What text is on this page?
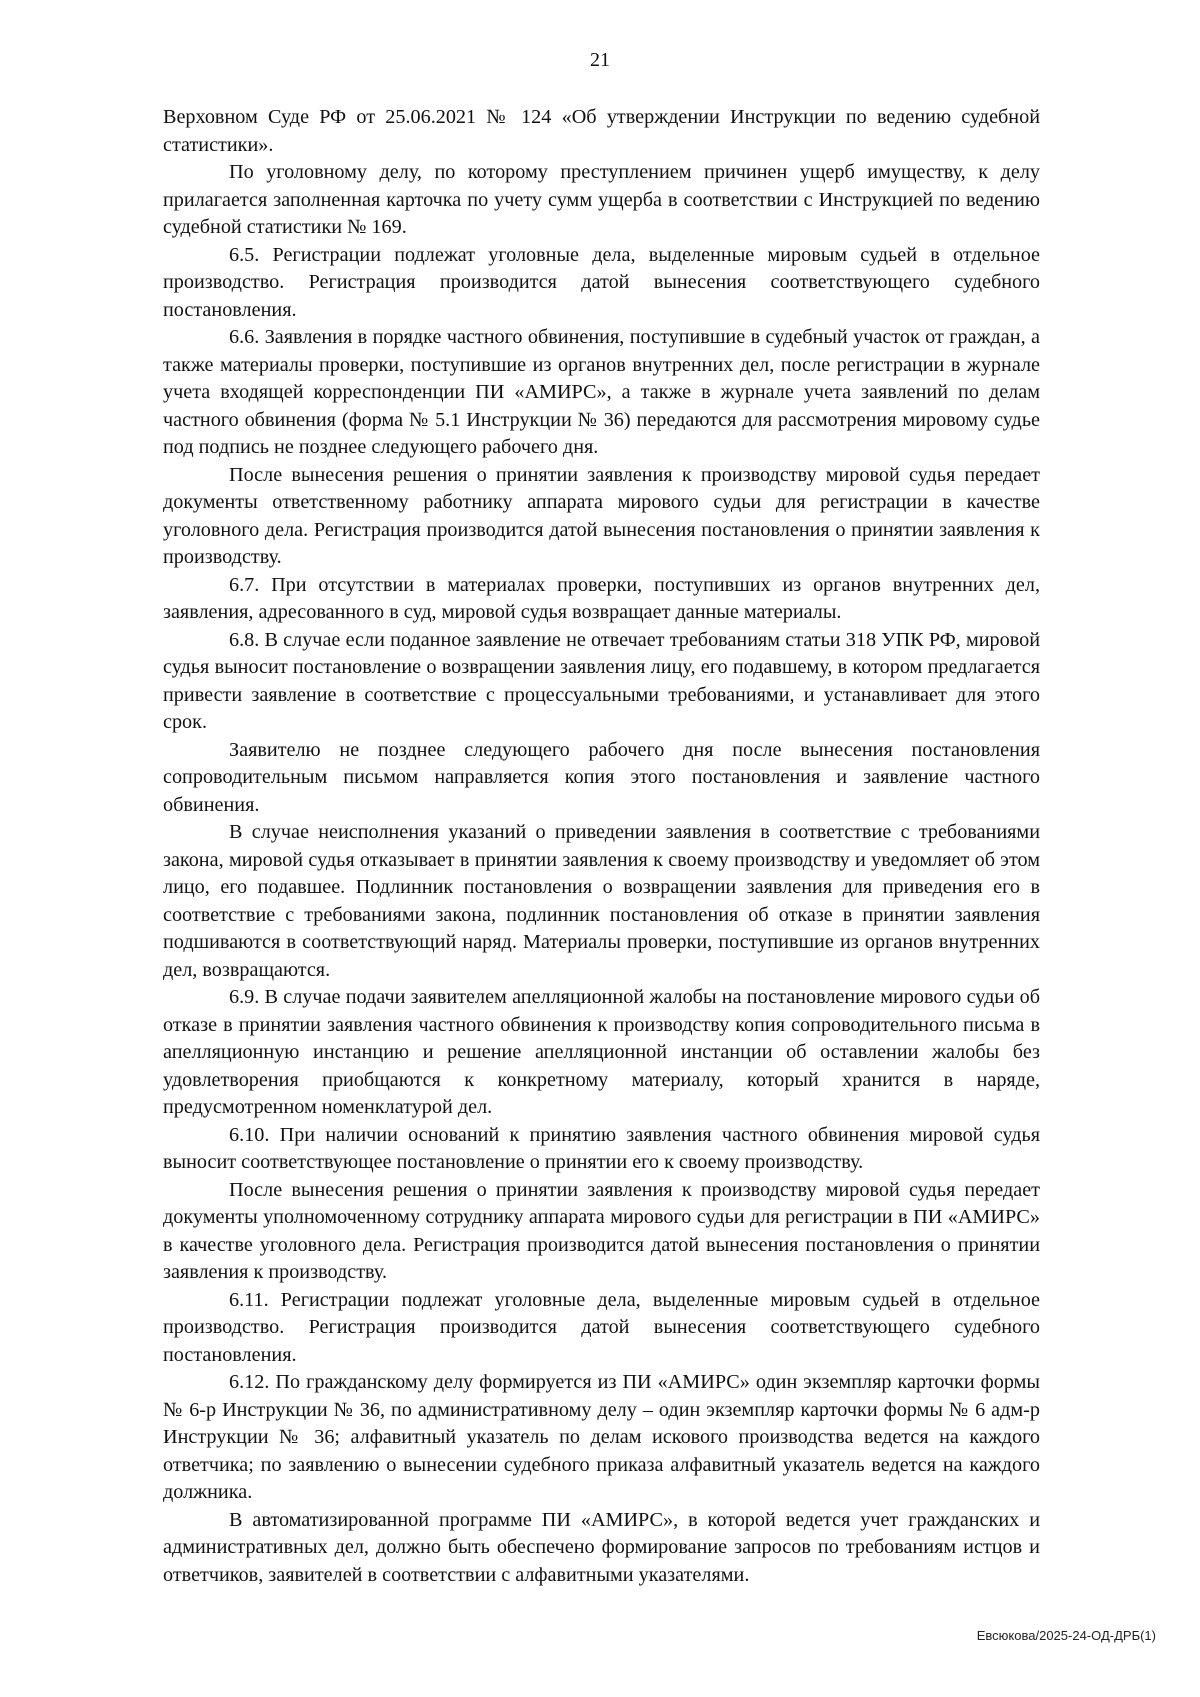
21

Верховном Суде РФ от 25.06.2021 № 124 «Об утверждении Инструкции по ведению судебной статистики».

По уголовному делу, по которому преступлением причинен ущерб имуществу, к делу прилагается заполненная карточка по учету сумм ущерба в соответствии с Инструкцией по ведению судебной статистики № 169.

6.5. Регистрации подлежат уголовные дела, выделенные мировым судьей в отдельное производство. Регистрация производится датой вынесения соответствующего судебного постановления.

6.6. Заявления в порядке частного обвинения, поступившие в судебный участок от граждан, а также материалы проверки, поступившие из органов внутренних дел, после регистрации в журнале учета входящей корреспонденции ПИ «АМИРС», а также в журнале учета заявлений по делам частного обвинения (форма № 5.1 Инструкции № 36) передаются для рассмотрения мировому судье под подпись не позднее следующего рабочего дня.

После вынесения решения о принятии заявления к производству мировой судья передает документы ответственному работнику аппарата мирового судьи для регистрации в качестве уголовного дела. Регистрация производится датой вынесения постановления о принятии заявления к производству.

6.7. При отсутствии в материалах проверки, поступивших из органов внутренних дел, заявления, адресованного в суд, мировой судья возвращает данные материалы.

6.8. В случае если поданное заявление не отвечает требованиям статьи 318 УПК РФ, мировой судья выносит постановление о возвращении заявления лицу, его подавшему, в котором предлагается привести заявление в соответствие с процессуальными требованиями, и устанавливает для этого срок.

Заявителю не позднее следующего рабочего дня после вынесения постановления сопроводительным письмом направляется копия этого постановления и заявление частного обвинения.

В случае неисполнения указаний о приведении заявления в соответствие с требованиями закона, мировой судья отказывает в принятии заявления к своему производству и уведомляет об этом лицо, его подавшее. Подлинник постановления о возвращении заявления для приведения его в соответствие с требованиями закона, подлинник постановления об отказе в принятии заявления подшиваются в соответствующий наряд. Материалы проверки, поступившие из органов внутренних дел, возвращаются.

6.9. В случае подачи заявителем апелляционной жалобы на постановление мирового судьи об отказе в принятии заявления частного обвинения к производству копия сопроводительного письма в апелляционную инстанцию и решение апелляционной инстанции об оставлении жалобы без удовлетворения приобщаются к конкретному материалу, который хранится в наряде, предусмотренном номенклатурой дел.

6.10. При наличии оснований к принятию заявления частного обвинения мировой судья выносит соответствующее постановление о принятии его к своему производству.

После вынесения решения о принятии заявления к производству мировой судья передает документы уполномоченному сотруднику аппарата мирового судьи для регистрации в ПИ «АМИРС» в качестве уголовного дела. Регистрация производится датой вынесения постановления о принятии заявления к производству.

6.11. Регистрации подлежат уголовные дела, выделенные мировым судьей в отдельное производство. Регистрация производится датой вынесения соответствующего судебного постановления.

6.12. По гражданскому делу формируется из ПИ «АМИРС» один экземпляр карточки формы № 6-р Инструкции № 36, по административному делу – один экземпляр карточки формы № 6 адм-р Инструкции № 36; алфавитный указатель по делам искового производства ведется на каждого ответчика; по заявлению о вынесении судебного приказа алфавитный указатель ведется на каждого должника.

В автоматизированной программе ПИ «АМИРС», в которой ведется учет гражданских и административных дел, должно быть обеспечено формирование запросов по требованиям истцов и ответчиков, заявителей в соответствии с алфавитными указателями.

Евсюкова/2025-24-ОД-ДРБ(1)
